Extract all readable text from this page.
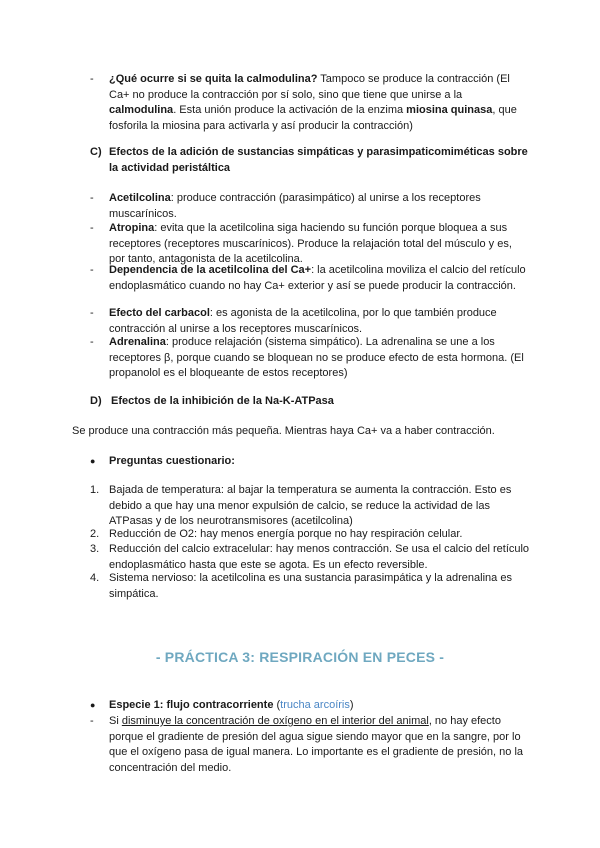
-	¿Qué ocurre si se quita la calmodulina? Tampoco se produce la contracción (El Ca+ no produce la contracción por sí solo, sino que tiene que unirse a la calmodulina. Esta unión produce la activación de la enzima miosina quinasa, que fosforila la miosina para activarla y así producir la contracción)
C) Efectos de la adición de sustancias simpáticas y parasimpaticomiméticas sobre la actividad peristáltica
-	Acetilcolina: produce contracción (parasimpático) al unirse a los receptores muscarínicos.
-	Atropina: evita que la acetilcolina siga haciendo su función porque bloquea a sus receptores (receptores muscarínicos). Produce la relajación total del músculo y es, por tanto, antagonista de la acetilcolina.
-	Dependencia de la acetilcolina del Ca+: la acetilcolina moviliza el calcio del retículo endoplasmático cuando no hay Ca+ exterior y así se puede producir la contracción.
-	Efecto del carbacol: es agonista de la acetilcolina, por lo que también produce contracción al unirse a los receptores muscarínicos.
-	Adrenalina: produce relajación (sistema simpático). La adrenalina se une a los receptores β, porque cuando se bloquean no se produce efecto de esta hormona. (El propanolol es el bloqueante de estos receptores)
D) Efectos de la inhibición de la Na-K-ATPasa
Se produce una contracción más pequeña. Mientras haya Ca+ va a haber contracción.
●	Preguntas cuestionario:
1. Bajada de temperatura: al bajar la temperatura se aumenta la contracción. Esto es debido a que hay una menor expulsión de calcio, se reduce la actividad de las ATPasas y de los neurotransmisores (acetilcolina)
2. Reducción de O2: hay menos energía porque no hay respiración celular.
3. Reducción del calcio extracelular: hay menos contracción. Se usa el calcio del retículo endoplasmático hasta que este se agota. Es un efecto reversible.
4. Sistema nervioso: la acetilcolina es una sustancia parasimpática y la adrenalina es simpática.
- PRÁCTICA 3: RESPIRACIÓN EN PECES -
●	Especie 1: flujo contracorriente (trucha arcoíris)
-	Si disminuye la concentración de oxígeno en el interior del animal, no hay efecto porque el gradiente de presión del agua sigue siendo mayor que en la sangre, por lo que el oxígeno pasa de igual manera. Lo importante es el gradiente de presión, no la concentración del medio.
